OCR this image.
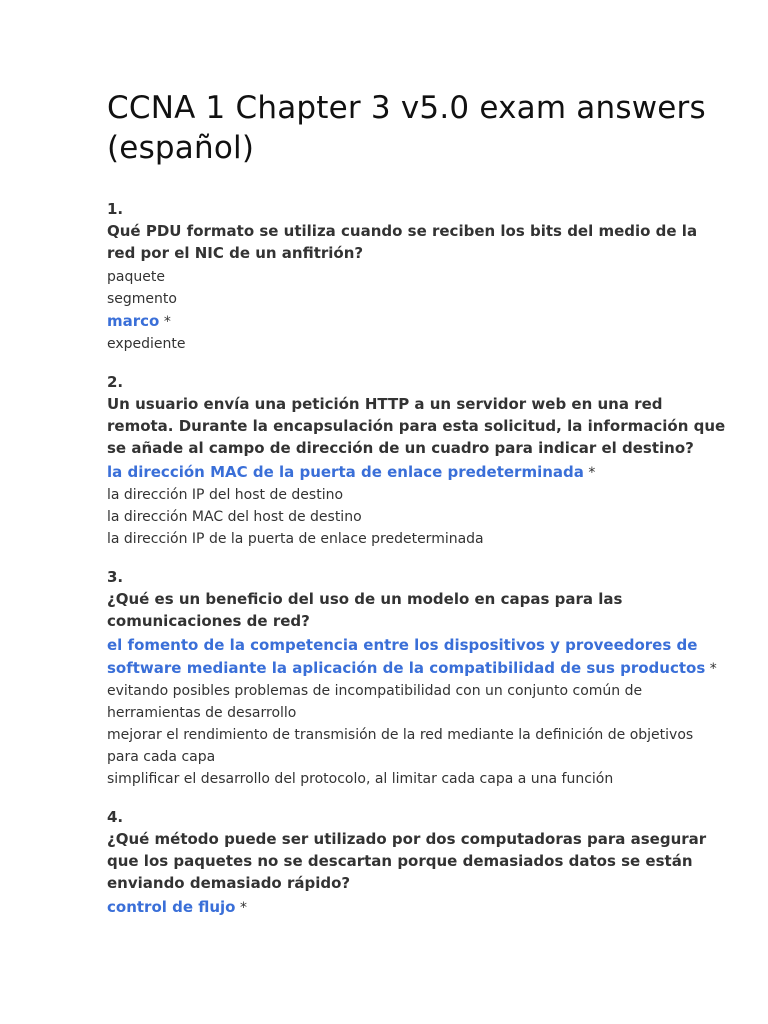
CCNA 1 Chapter 3 v5.0 exam answers (español)
1.
Qué PDU formato se utiliza cuando se reciben los bits del medio de la red por el NIC de un anfitrión?
paquete
segmento
marco *
expediente
2.
Un usuario envía una petición HTTP a un servidor web en una red remota. Durante la encapsulación para esta solicitud, la información que se añade al campo de dirección de un cuadro para indicar el destino?
la dirección MAC de la puerta de enlace predeterminada *
la dirección IP del host de destino
la dirección MAC del host de destino
la dirección IP de la puerta de enlace predeterminada
3.
¿Qué es un beneficio del uso de un modelo en capas para las comunicaciones de red?
el fomento de la competencia entre los dispositivos y proveedores de software mediante la aplicación de la compatibilidad de sus productos *
evitando posibles problemas de incompatibilidad con un conjunto común de herramientas de desarrollo
mejorar el rendimiento de transmisión de la red mediante la definición de objetivos para cada capa
simplificar el desarrollo del protocolo, al limitar cada capa a una función
4.
¿Qué método puede ser utilizado por dos computadoras para asegurar que los paquetes no se descartan porque demasiados datos se están enviando demasiado rápido?
control de flujo *
